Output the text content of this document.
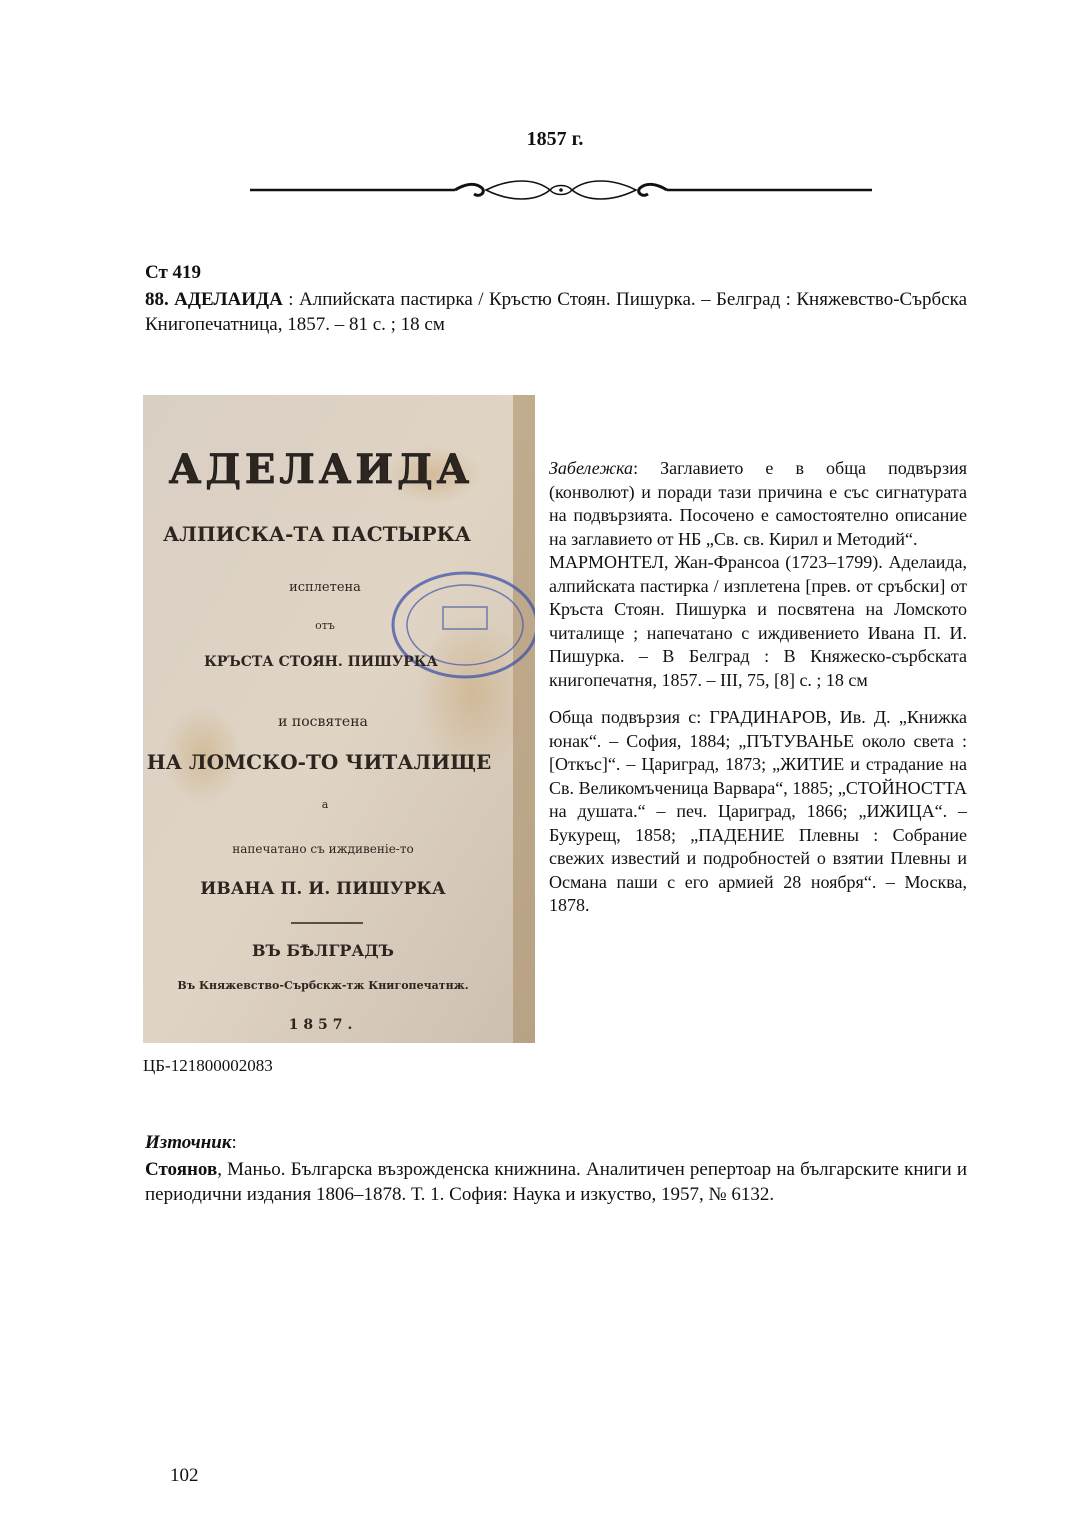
1857 г.
Ст 419
88. АДЕЛАИДА : Алпийската пастирка / Кръстю Стоян. Пишурка. – Белград : Княжевство-Сърбска Книгопечатница, 1857. – 81 с. ; 18 см
АДЕЛАИДА
АЛПИСКА-ТА ПАСТЫРКА
исплетена
отъ
КРЪСТА СТОЯН. ПИШУРКА
и посвятена
НА ЛОМСКО-ТО ЧИТАЛИЩЕ
а
напечатано съ иждивеніе-то
ИВАНА П. И. ПИШУРКА
ВЪ БѢЛГРАДЪ
Въ Княжевство-Сърбскж-тж Книгопечатнж.
1857.

Забележка: Заглавието е в обща подвързия (конволют) и поради тази причина е със сигнатурата на подвързията. Посочено е самостоятелно описание на заглавието от НБ „Св. св. Кирил и Методий“.

МАРМОНТЕЛ, Жан-Франсоа (1723–1799). Аделаида, алпийската пастирка / изплетена [прев. от сръбски] от Кръста Стоян. Пишурка и посвятена на Ломското читалище ; напечатано с иждивението Ивана П. И. Пишурка. – В Белград : В Княжеско-сърбската книгопечатня, 1857. – III, 75, [8] с. ; 18 см

Обща подвързия с: ГРАДИНАРОВ, Ив. Д. „Книжка юнак“. – София, 1884; „ПЪТУВАНЬЕ около света : [Откъс]“. – Цариград, 1873; „ЖИТИЕ и страдание на Св. Великомъченица Варвара“, 1885; „СТОЙНОСТТА на душата.“ – печ. Цариград, 1866; „ИЖИЦА“. – Букурещ, 1858; „ПАДЕНИЕ Плевны : Собрание свежих известий и подробностей о взятии Плевны и Османа паши с его армией 28 ноября“. – Москва, 1878.

ЦБ-121800002083
Източник:
Стоянов, Маньо. Българска възрожденска книжнина. Аналитичен репертоар на българските книги и периодични издания 1806–1878. Т. 1. София: Наука и изкуство, 1957, № 6132.
102
